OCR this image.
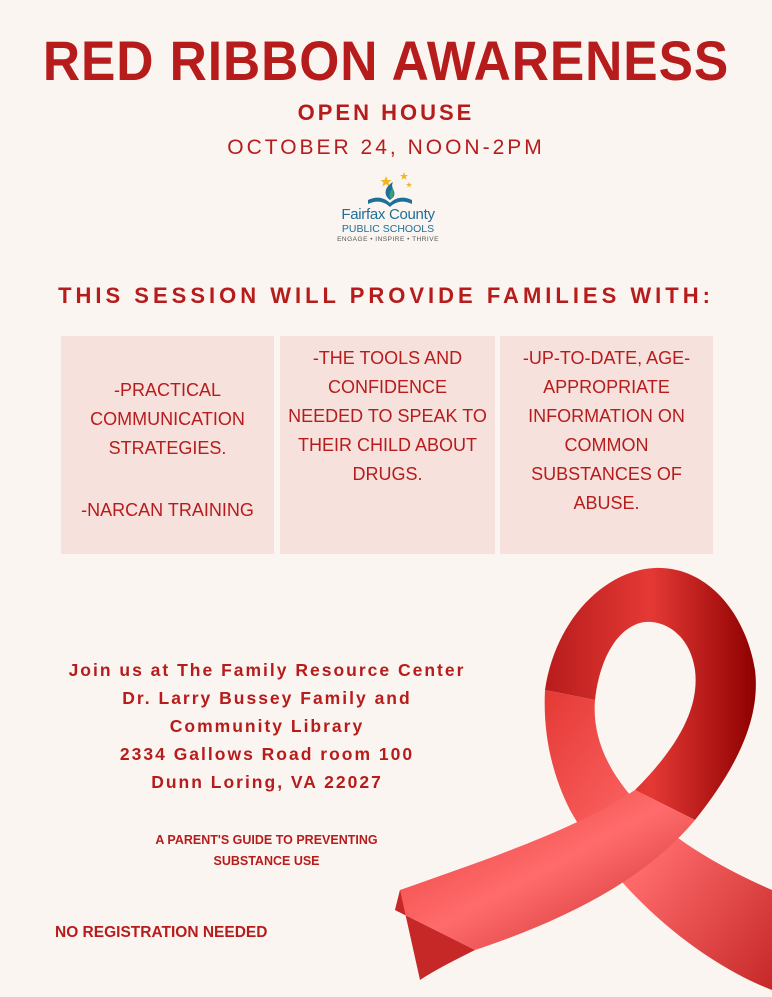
RED RIBBON AWARENESS
OPEN HOUSE
OCTOBER 24, NOON-2PM
Fairfax County
PUBLIC SCHOOLS
ENGAGE • INSPIRE • THRIVE
THIS SESSION WILL PROVIDE FAMILIES WITH:
-PRACTICAL COMMUNICATION STRATEGIES.
-NARCAN TRAINING
-THE TOOLS AND CONFIDENCE NEEDED TO SPEAK TO THEIR CHILD ABOUT DRUGS.
-UP-TO-DATE, AGE-APPROPRIATE INFORMATION ON COMMON SUBSTANCES OF ABUSE.
Join us at The Family Resource Center
Dr. Larry Bussey Family and
Community Library
2334 Gallows Road room 100
Dunn Loring, VA 22027
A PARENT'S GUIDE TO PREVENTING
SUBSTANCE USE
NO REGISTRATION NEEDED
